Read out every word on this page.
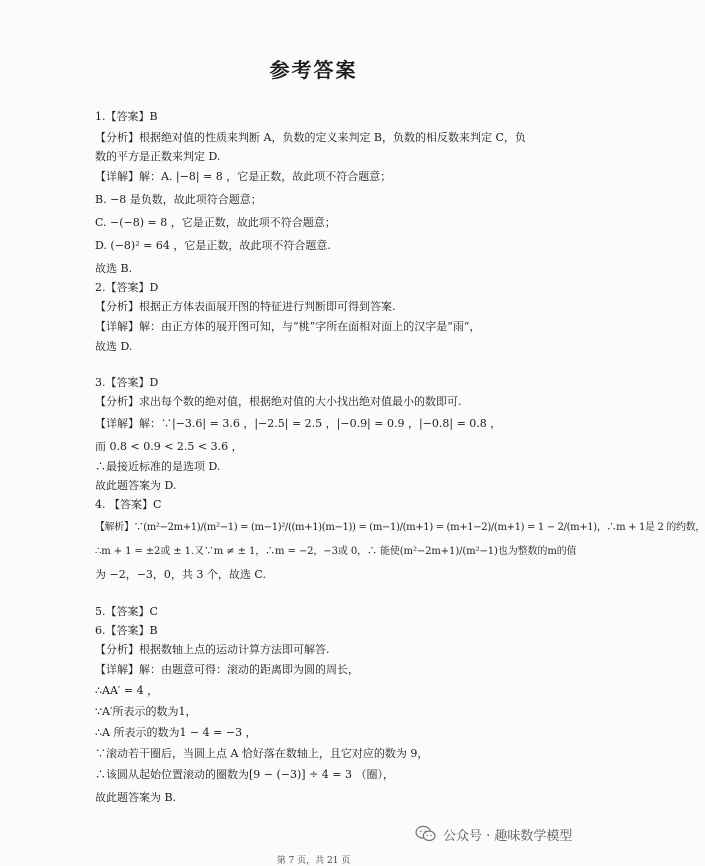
参考答案
1.【答案】B
【分析】根据绝对值的性质来判断 A，负数的定义来判定 B，负数的相反数来判定 C，负
数的平方是正数来判定 D.
【详解】解：A. |−8| = 8 ，它是正数，故此项不符合题意；
B. −8 是负数，故此项符合题意；
C. −(−8) = 8 ，它是正数，故此项不符合题意；
D. (−8)² = 64 ，它是正数，故此项不符合题意.
故选 B.
2.【答案】D
【分析】根据正方体表面展开图的特征进行判断即可得到答案.
【详解】解：由正方体的展开图可知，与“桃”字所在面相对面上的汉字是“雨”，
故选 D.
3.【答案】D
【分析】求出每个数的绝对值，根据绝对值的大小找出绝对值最小的数即可.
【详解】解：∵|−3.6| = 3.6 ，|−2.5| = 2.5 ，|−0.9| = 0.9 ，|−0.8| = 0.8 ，
而 0.8 < 0.9 < 2.5 < 3.6 ，
∴最接近标准的是选项 D.
故此题答案为 D.
4. 【答案】C
【解析】∵(m²−2m+1)/(m²−1) = (m−1)²/((m+1)(m−1)) = (m−1)/(m+1) = (m+1−2)/(m+1) = 1 − 2/(m+1)，∴m + 1是 2 的约数，
∴m + 1 = ±2或 ± 1.又∵m ≠ ± 1，∴m = −2，−3或 0，∴ 能使(m²−2m+1)/(m²−1)也为整数的m的值
为 −2，−3，0，共 3 个，故选 C.
5.【答案】C
6.【答案】B
【分析】根据数轴上点的运动计算方法即可解答.
【详解】解：由题意可得：滚动的距离即为圆的周长，
∴AA′ = 4 ，
∵A′所表示的数为1，
∴A 所表示的数为1 − 4 = −3 ，
∵滚动若干圈后，当圆上点 A 恰好落在数轴上，且它对应的数为 9，
∴该圆从起始位置滚动的圈数为[9 − (−3)] ÷ 4 = 3 （圈），
故此题答案为 B.
公众号 · 趣味数学模型
第 7 页，共 21 页
